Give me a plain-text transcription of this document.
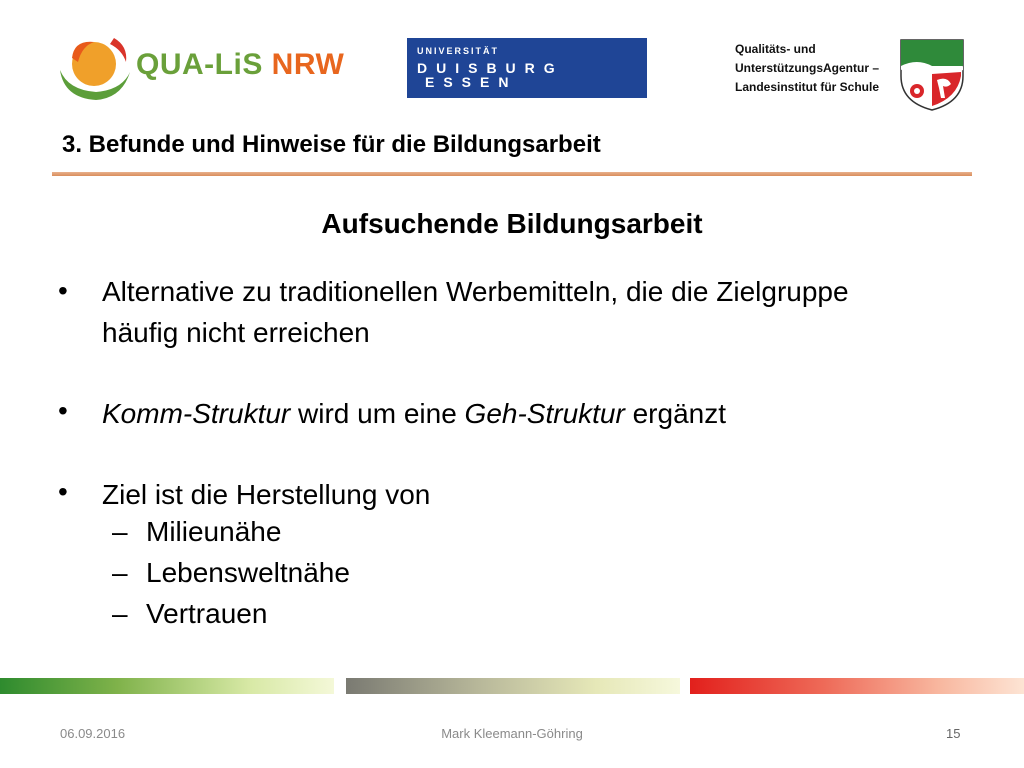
QUA-LiS NRW	UNIVERSITÄT
DUISBURG
ESSEN
Qualitäts- und
UnterstützungsAgentur –
Landesinstitut für Schule
3. Befunde und Hinweise für die Bildungsarbeit
Aufsuchende Bildungsarbeit
• Alternative zu traditionellen Werbemitteln, die die Zielgruppe häufig nicht erreichen
• Komm-Struktur wird um eine Geh-Struktur ergänzt
• Ziel ist die Herstellung von
– Milieunähe
– Lebensweltnähe
– Vertrauen
06.09.2016	Mark Kleemann-Göhring	15
